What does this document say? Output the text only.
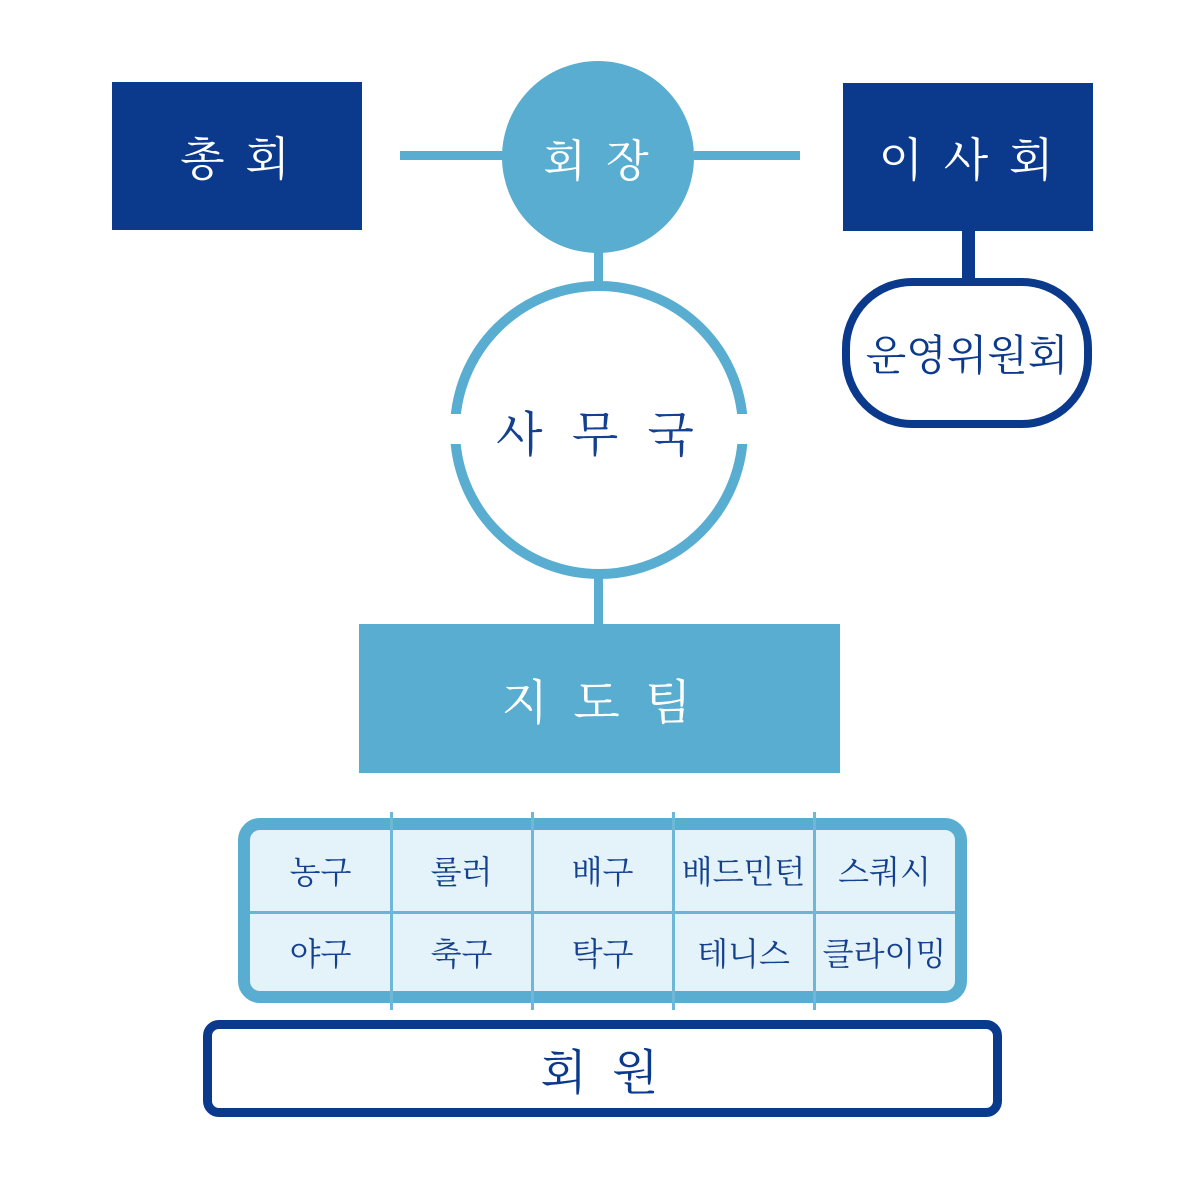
총 회	회 장	이 사 회
운영위원회
사 무 국
지 도 팀
농구	롤러	배구	배드민턴	스쿼시
야구	축구	탁구	테니스	클라이밍
회 원
